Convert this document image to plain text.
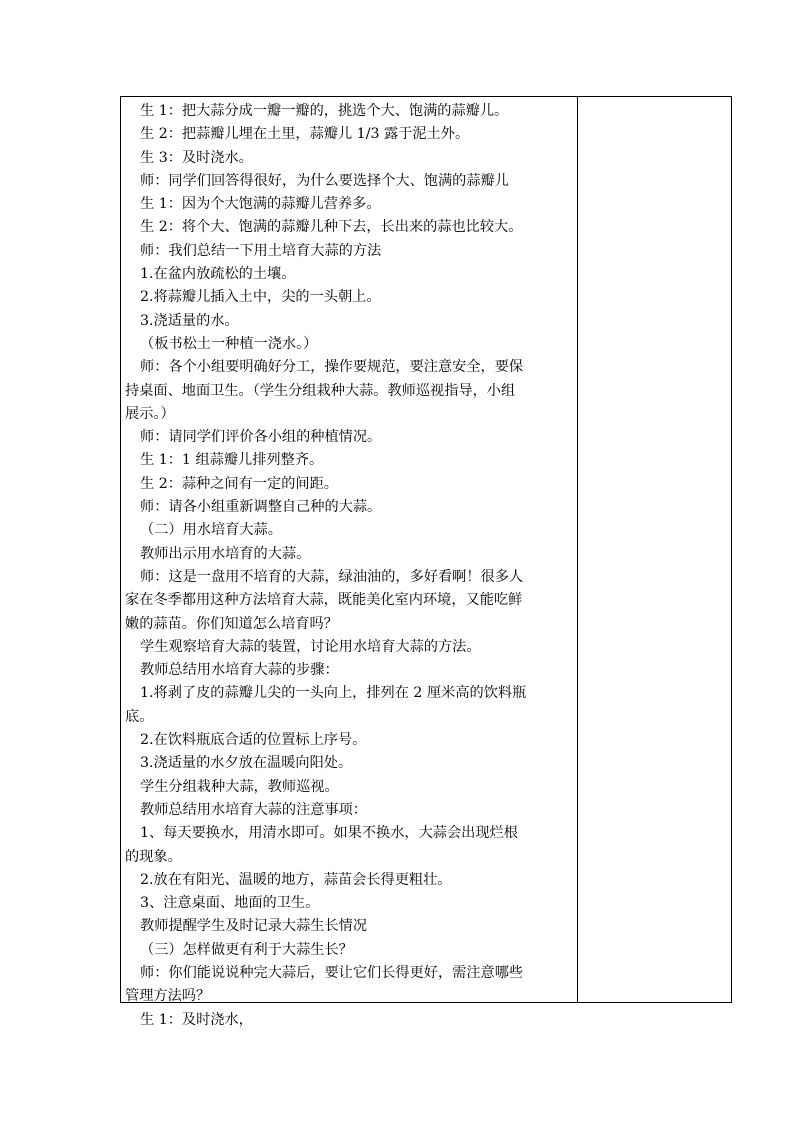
生 1：把大蒜分成一瓣一瓣的，挑选个大、饱满的蒜瓣儿。
生 2：把蒜瓣儿埋在土里，蒜瓣儿 1/3 露于泥土外。
生 3：及时浇水。
师：同学们回答得很好，为什么要选择个大、饱满的蒜瓣儿
生 1：因为个大饱满的蒜瓣儿营养多。
生 2：将个大、饱满的蒜瓣儿种下去，长出来的蒜也比较大。
师：我们总结一下用土培育大蒜的方法
1.在盆内放疏松的土壤。
2.将蒜瓣儿插入土中，尖的一头朝上。
3.浇适量的水。
（板书松土一种植一浇水。）
师：各个小组要明确好分工，操作要规范，要注意安全，要保
持桌面、地面卫生。（学生分组栽种大蒜。教师巡视指导，小组
展示。）
师：请同学们评价各小组的种植情况。
生 1：1 组蒜瓣儿排列整齐。
生 2：蒜种之间有一定的间距。
师：请各小组重新调整自己种的大蒜。
（二）用水培育大蒜。
教师出示用水培育的大蒜。
师：这是一盘用不培育的大蒜，绿油油的，多好看啊！很多人
家在冬季都用这种方法培育大蒜，既能美化室内环境，又能吃鲜
嫩的蒜苗。你们知道怎么培育吗？
学生观察培育大蒜的装置，讨论用水培育大蒜的方法。
教师总结用水培育大蒜的步骤：
1.将剥了皮的蒜瓣儿尖的一头向上，排列在 2 厘米高的饮料瓶
底。
2.在饮料瓶底合适的位置标上序号。
3.浇适量的水夕放在温暖向阳处。
学生分组栽种大蒜，教师巡视。
教师总结用水培育大蒜的注意事项：
1、每天要换水，用清水即可。如果不换水，大蒜会出现烂根
的现象。
2.放在有阳光、温暖的地方，蒜苗会长得更粗壮。
3、注意桌面、地面的卫生。
教师提醒学生及时记录大蒜生长情况
（三）怎样做更有利于大蒜生长？
师：你们能说说种完大蒜后，要让它们长得更好，需注意哪些
管理方法吗？
生 1：及时浇水，
